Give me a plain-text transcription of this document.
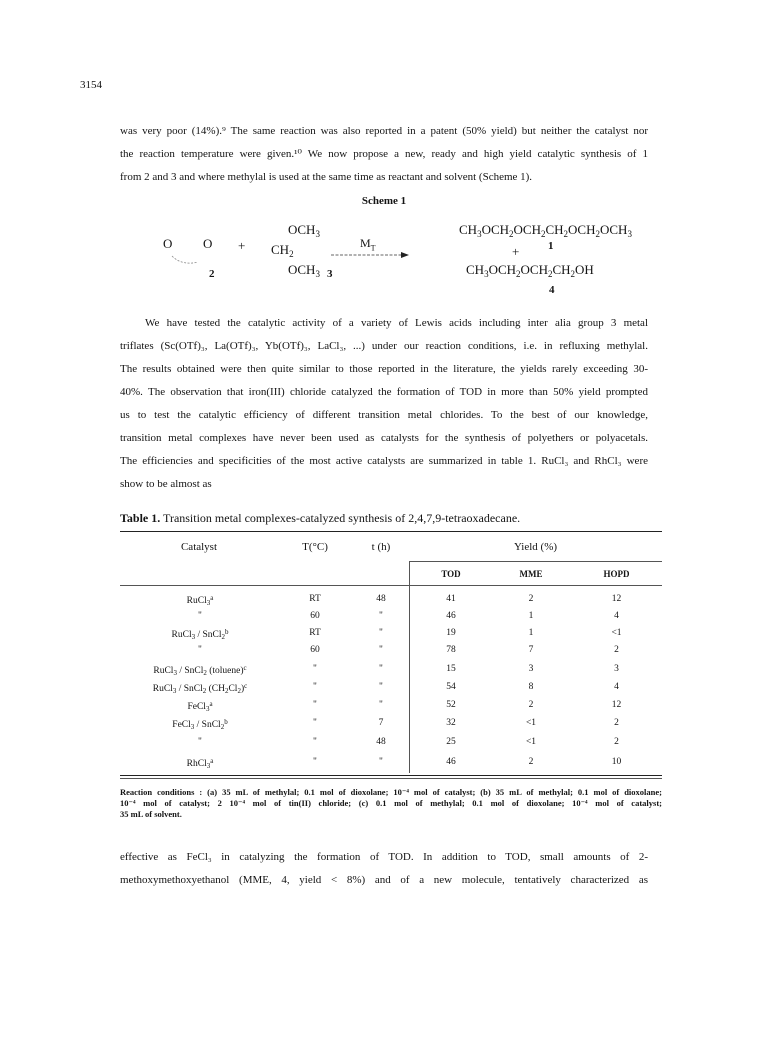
3154

was very poor (14%).⁹ The same reaction was also reported in a patent (50% yield) but neither the catalyst nor
the reaction temperature were given.¹⁰ We now propose a new, ready and high yield catalytic synthesis of 1
from 2 and 3 and where methylal is used at the same time as reactant and solvent (Scheme 1).

Scheme 1
O O
2
+
$OCH_3$
$CH_2$
$OCH_3$ 3
$M_T$
$CH_3OCH_2OCH_2CH_2OCH_2OCH_3$
1
+
$CH_3OCH_2OCH_2CH_2OH$
4

We have tested the catalytic activity of a variety of Lewis acids including inter alia group 3 metal
triflates (Sc(OTf)₃, La(OTf)₃, Yb(OTf)₃, LaCl₃, ...) under our reaction conditions, i.e. in refluxing methylal.
The results obtained were then quite similar to those reported in the literature, the yields rarely exceeding 30-
40%. The observation that iron(III) chloride catalyzed the formation of TOD in more than 50% yield prompted
us to test the catalytic efficiency of different transition metal chlorides. To the best of our knowledge,
transition metal complexes have never been used as catalysts for the synthesis of polyethers or polyacetals.
The efficiencies and specificities of the most active catalysts are summarized in table 1. RuCl₃ and RhCl₃ were
show to be almost as

Table 1. Transition metal complexes-catalyzed synthesis of 2,4,7,9-tetraoxadecane.
Catalyst	T(°C)	t (h)	Yield (%)
TOD	MME	HOPD
RuCl$_3^a$	RT	48	41	2	12
"	60	"	46	1	4
RuCl$_3$ / SnCl$_2^b$	RT	"	19	1	<1
"	60	"	78	7	2
RuCl$_3$ / SnCl$_2$ (toluene)$^c$	"	"	15	3	3
RuCl$_3$ / SnCl$_2$ $(CH_2Cl_2)^c$	"	"	54	8	4
FeCl$_3^a$	"	"	52	2	12
FeCl$_3$ / SnCl$_2^b$	"	7	32	<1	2
"	"	48	25	<1	2
RhCl$_3^a$	"	"	46	2	10
Reaction conditions : (a) 35 mL of methylal; 0.1 mol of dioxolane; 10⁻⁴ mol of catalyst; (b) 35 mL of methylal; 0.1 mol of dioxolane;
10⁻⁴ mol of catalyst; 2 10⁻⁴ mol of tin(II) chloride; (c) 0.1 mol of methylal; 0.1 mol of dioxolane; 10⁻⁴ mol of catalyst;
35 mL of solvent.

effective as FeCl₃ in catalyzing the formation of TOD. In addition to TOD, small amounts of 2-
methoxymethoxyethanol (MME, 4, yield < 8%) and of a new molecule, tentatively characterized as
